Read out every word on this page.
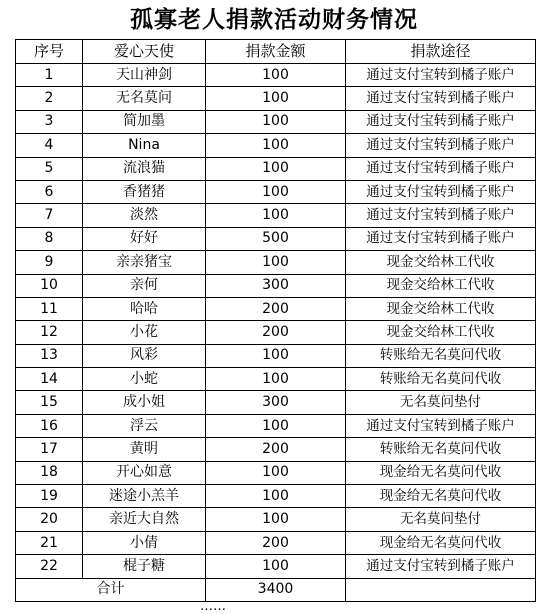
孤寡老人捐款活动财务情况
序号	爱心天使	捐款金额	捐款途径
1	天山神剑	100	通过支付宝转到橘子账户
2	无名莫问	100	通过支付宝转到橘子账户
3	简加墨	100	通过支付宝转到橘子账户
4	Nina	100	通过支付宝转到橘子账户
5	流浪猫	100	通过支付宝转到橘子账户
6	香猪猪	100	通过支付宝转到橘子账户
7	淡然	100	通过支付宝转到橘子账户
8	好好	500	通过支付宝转到橘子账户
9	亲亲猪宝	100	现金交给林工代收
10	亲何	300	现金交给林工代收
11	哈哈	200	现金交给林工代收
12	小花	200	现金交给林工代收
13	风彩	100	转账给无名莫问代收
14	小蛇	100	转账给无名莫问代收
15	成小姐	300	无名莫问垫付
16	浮云	100	通过支付宝转到橘子账户
17	黄明	200	转账给无名莫问代收
18	开心如意	100	现金给无名莫问代收
19	迷途小羔羊	100	现金给无名莫问代收
20	亲近大自然	100	无名莫问垫付
21	小倩	200	现金给无名莫问代收
22	棍子糖	100	通过支付宝转到橘子账户
合计		3400	
……
